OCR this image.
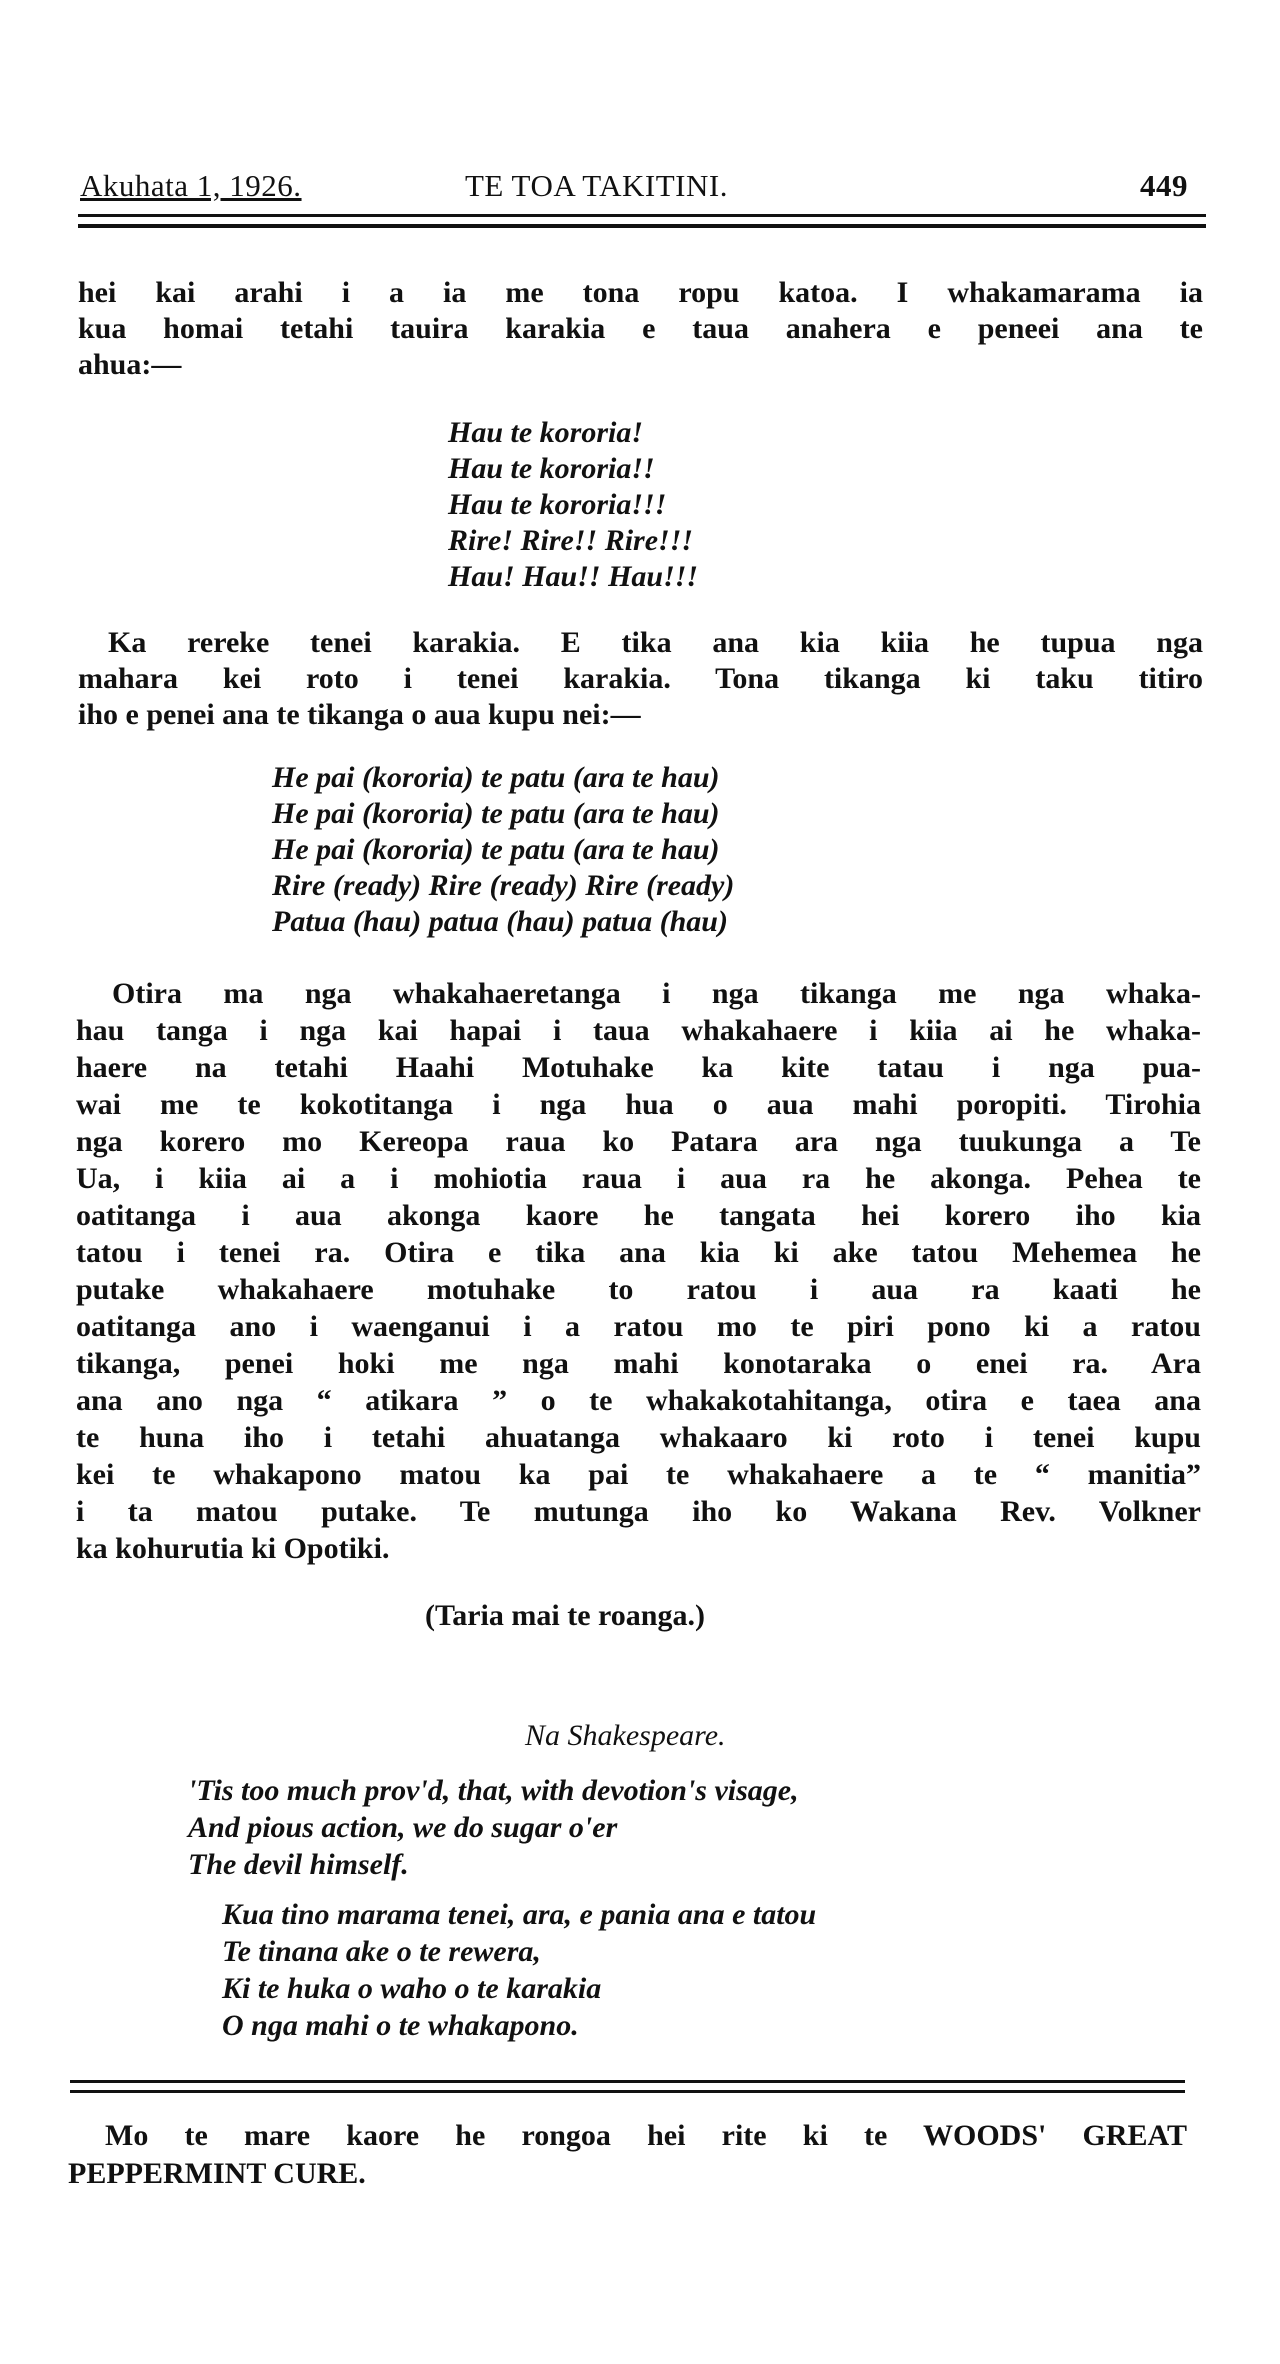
Akuhata 1, 1926.	TE TOA TAKITINI.	449
hei kai arahi i a ia me tona ropu katoa. I whakamarama ia
kua homai tetahi tauira karakia e taua anahera e peneei ana te
ahua:—
Hau te kororia!
Hau te kororia!!
Hau te kororia!!!
Rire! Rire!! Rire!!!
Hau! Hau!! Hau!!!
Ka rereke tenei karakia. E tika ana kia kiia he tupua nga
mahara kei roto i tenei karakia. Tona tikanga ki taku titiro
iho e penei ana te tikanga o aua kupu nei:—
He pai (kororia) te patu (ara te hau)
He pai (kororia) te patu (ara te hau)
He pai (kororia) te patu (ara te hau)
Rire (ready) Rire (ready) Rire (ready)
Patua (hau) patua (hau) patua (hau)
Otira ma nga whakahaeretanga i nga tikanga me nga whaka-
hau tanga i nga kai hapai i taua whakahaere i kiia ai he whaka-
haere na tetahi Haahi Motuhake ka kite tatau i nga pua-
wai me te kokotitanga i nga hua o aua mahi poropiti. Tirohia
nga korero mo Kereopa raua ko Patara ara nga tuukunga a Te
Ua, i kiia ai a i mohiotia raua i aua ra he akonga. Pehea te
oatitanga i aua akonga kaore he tangata hei korero iho kia
tatou i tenei ra. Otira e tika ana kia ki ake tatou Mehemea he
putake whakahaere motuhake to ratou i aua ra kaati he
oatitanga ano i waenganui i a ratou mo te piri pono ki a ratou
tikanga, penei hoki me nga mahi konotaraka o enei ra. Ara
ana ano nga “ atikara ” o te whakakotahitanga, otira e taea ana
te huna iho i tetahi ahuatanga whakaaro ki roto i tenei kupu
kei te whakapono matou ka pai te whakahaere a te “ manitia”
i ta matou putake. Te mutunga iho ko Wakana Rev. Volkner
ka kohurutia ki Opotiki.
(Taria mai te roanga.)
Na Shakespeare.
'Tis too much prov'd, that, with devotion's visage,
And pious action, we do sugar o'er
The devil himself.
Kua tino marama tenei, ara, e pania ana e tatou
Te tinana ake o te rewera,
Ki te huka o waho o te karakia
O nga mahi o te whakapono.
Mo te mare kaore he rongoa hei rite ki te WOODS' GREAT
PEPPERMINT CURE.
